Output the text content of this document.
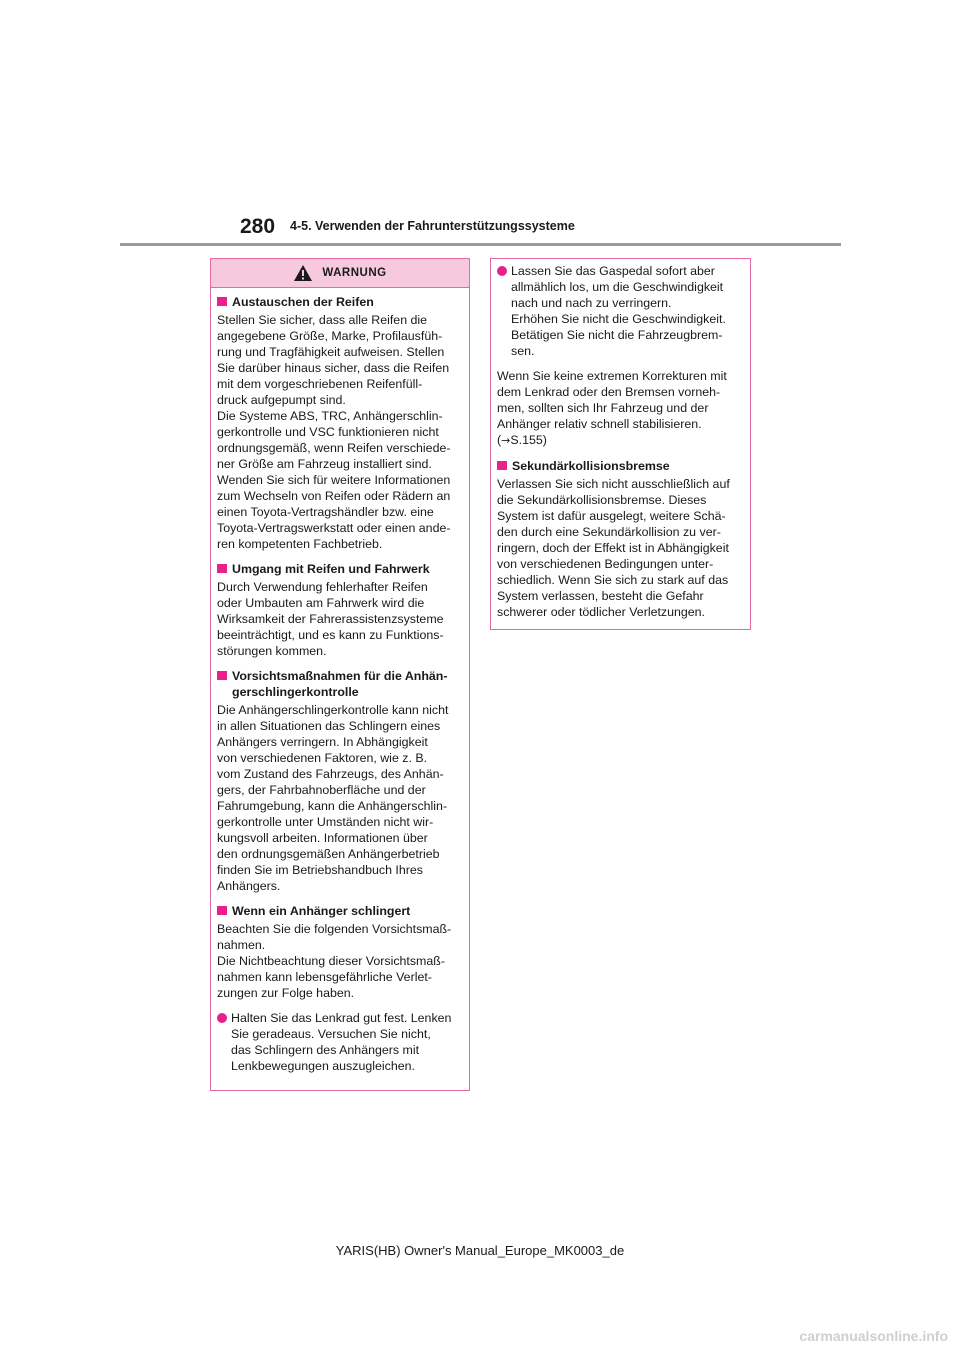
280 4-5. Verwenden der Fahrunterstützungssysteme
WARNUNG
Austauschen der Reifen
Stellen Sie sicher, dass alle Reifen die
angegebene Größe, Marke, Profilausfüh-
rung und Tragfähigkeit aufweisen. Stellen
Sie darüber hinaus sicher, dass die Reifen
mit dem vorgeschriebenen Reifenfüll-
druck aufgepumpt sind.
Die Systeme ABS, TRC, Anhängerschlin-
gerkontrolle und VSC funktionieren nicht
ordnungsgemäß, wenn Reifen verschiede-
ner Größe am Fahrzeug installiert sind.
Wenden Sie sich für weitere Informationen
zum Wechseln von Reifen oder Rädern an
einen Toyota-Vertragshändler bzw. eine
Toyota-Vertragswerkstatt oder einen ande-
ren kompetenten Fachbetrieb.
Umgang mit Reifen und Fahrwerk
Durch Verwendung fehlerhafter Reifen
oder Umbauten am Fahrwerk wird die
Wirksamkeit der Fahrerassistenzsysteme
beeinträchtigt, und es kann zu Funktions-
störungen kommen.
Vorsichtsmaßnahmen für die Anhän-
gerschlingerkontrolle
Die Anhängerschlingerkontrolle kann nicht
in allen Situationen das Schlingern eines
Anhängers verringern. In Abhängigkeit
von verschiedenen Faktoren, wie z. B.
vom Zustand des Fahrzeugs, des Anhän-
gers, der Fahrbahnoberfläche und der
Fahrumgebung, kann die Anhängerschlin-
gerkontrolle unter Umständen nicht wir-
kungsvoll arbeiten. Informationen über
den ordnungsgemäßen Anhängerbetrieb
finden Sie im Betriebshandbuch Ihres
Anhängers.
Wenn ein Anhänger schlingert
Beachten Sie die folgenden Vorsichtsmaß-
nahmen.
Die Nichtbeachtung dieser Vorsichtsmaß-
nahmen kann lebensgefährliche Verlet-
zungen zur Folge haben.
Halten Sie das Lenkrad gut fest. Lenken
Sie geradeaus. Versuchen Sie nicht,
das Schlingern des Anhängers mit
Lenkbewegungen auszugleichen.
Lassen Sie das Gaspedal sofort aber
allmählich los, um die Geschwindigkeit
nach und nach zu verringern.
Erhöhen Sie nicht die Geschwindigkeit.
Betätigen Sie nicht die Fahrzeugbrem-
sen.
Wenn Sie keine extremen Korrekturen mit
dem Lenkrad oder den Bremsen vorneh-
men, sollten sich Ihr Fahrzeug und der
Anhänger relativ schnell stabilisieren.
(→S.155)
Sekundärkollisionsbremse
Verlassen Sie sich nicht ausschließlich auf
die Sekundärkollisionsbremse. Dieses
System ist dafür ausgelegt, weitere Schä-
den durch eine Sekundärkollision zu ver-
ringern, doch der Effekt ist in Abhängigkeit
von verschiedenen Bedingungen unter-
schiedlich. Wenn Sie sich zu stark auf das
System verlassen, besteht die Gefahr
schwerer oder tödlicher Verletzungen.
YARIS(HB) Owner's Manual_Europe_MK0003_de
carmanualsonline.info
